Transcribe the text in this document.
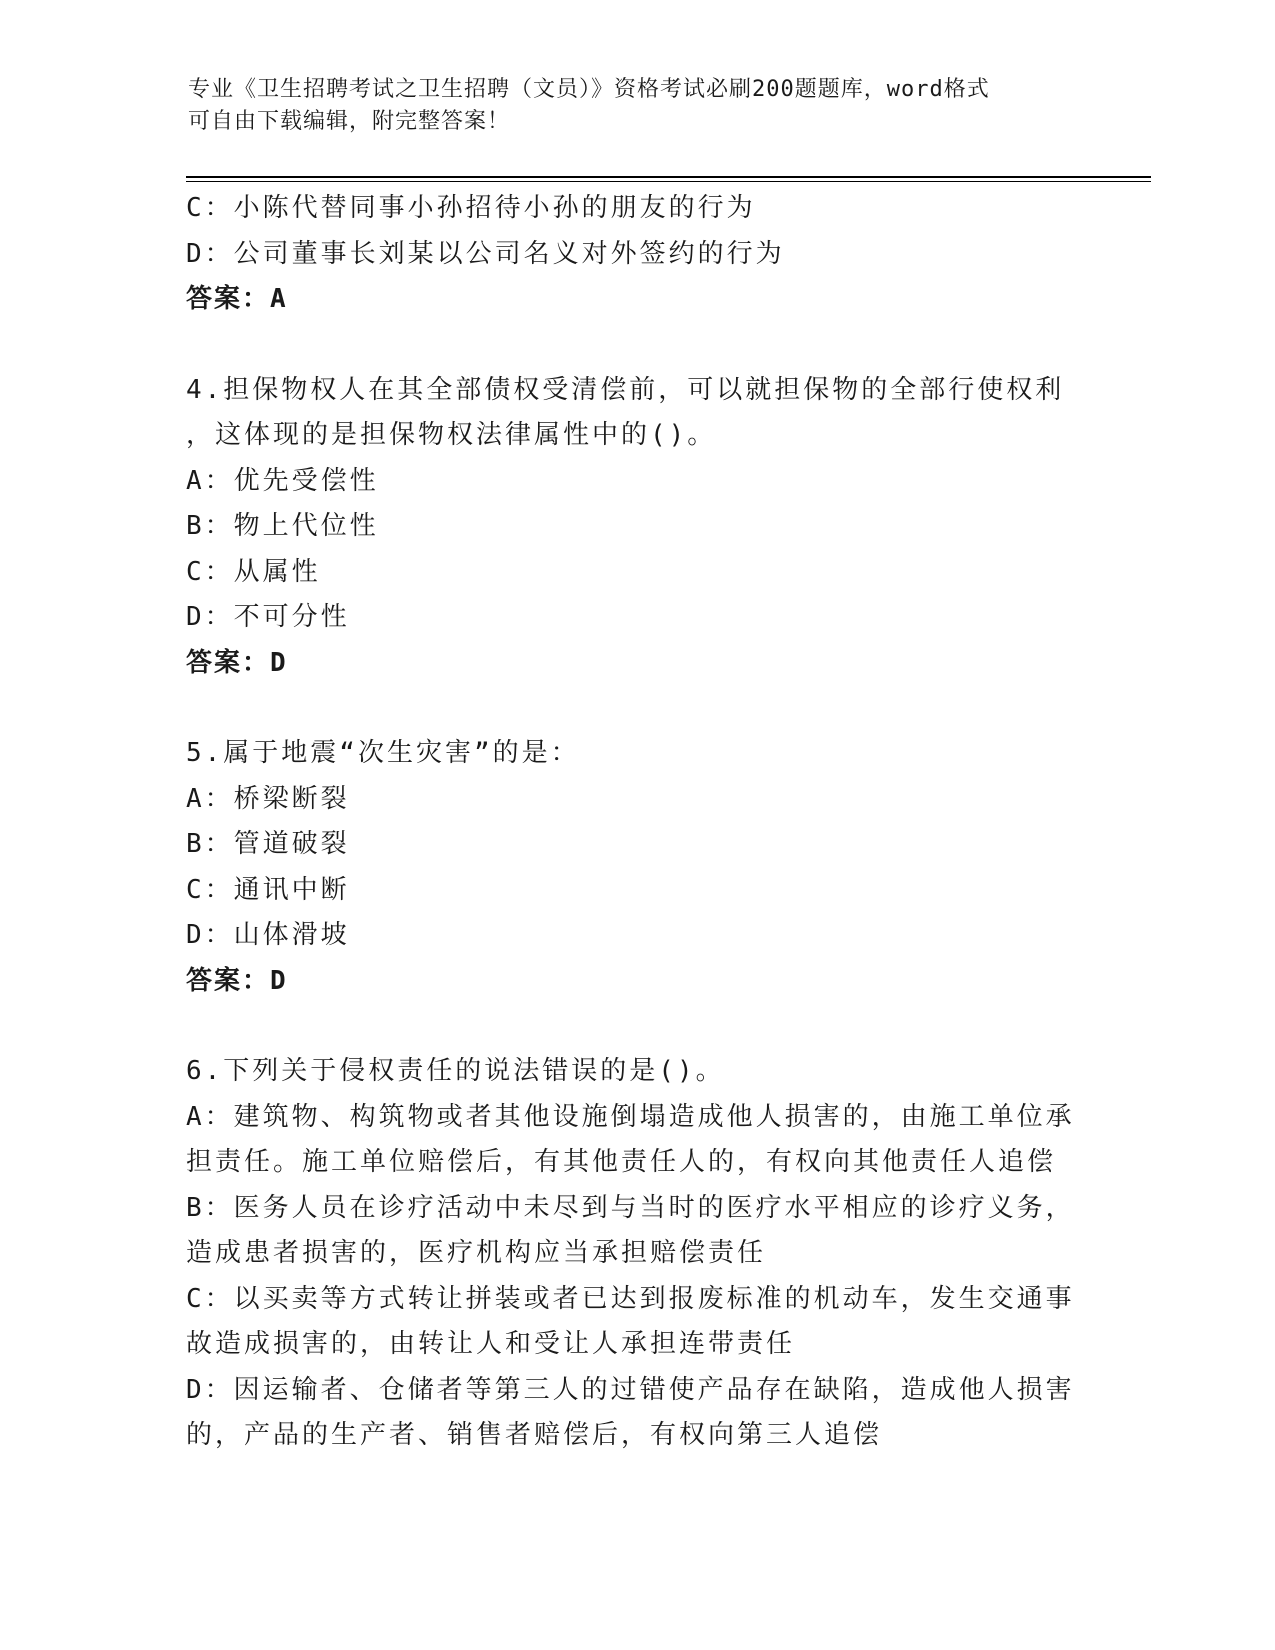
专业《卫生招聘考试之卫生招聘（文员）》资格考试必刷200题题库，word格式
可自由下载编辑，附完整答案！
C：小陈代替同事小孙招待小孙的朋友的行为
D：公司董事长刘某以公司名义对外签约的行为
答案：A
4.担保物权人在其全部债权受清偿前，可以就担保物的全部行使权利
，这体现的是担保物权法律属性中的()。
A：优先受偿性
B：物上代位性
C：从属性
D：不可分性
答案：D
5.属于地震“次生灾害”的是：
A：桥梁断裂
B：管道破裂
C：通讯中断
D：山体滑坡
答案：D
6.下列关于侵权责任的说法错误的是()。
A：建筑物、构筑物或者其他设施倒塌造成他人损害的，由施工单位承
担责任。施工单位赔偿后，有其他责任人的，有权向其他责任人追偿
B：医务人员在诊疗活动中未尽到与当时的医疗水平相应的诊疗义务，
造成患者损害的，医疗机构应当承担赔偿责任
C：以买卖等方式转让拼装或者已达到报废标准的机动车，发生交通事
故造成损害的，由转让人和受让人承担连带责任
D：因运输者、仓储者等第三人的过错使产品存在缺陷，造成他人损害
的，产品的生产者、销售者赔偿后，有权向第三人追偿
